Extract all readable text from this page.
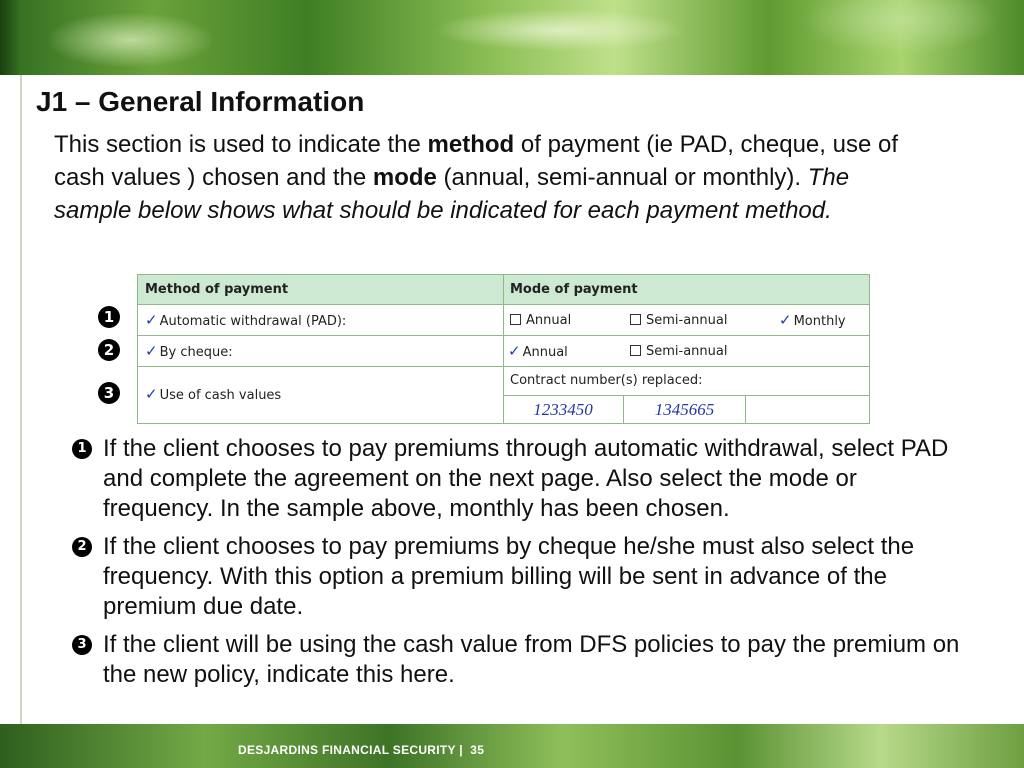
J1 – General Information
This section is used to indicate the method of payment (ie PAD, cheque, use of cash values ) chosen and the mode (annual, semi-annual or monthly). The sample below shows what should be indicated for each payment method.
1
2
3
Method of payment	Mode of payment
✓ Automatic withdrawal (PAD):	Annual	Semi-annual	✓ Monthly
✓ By cheque:	✓ Annual	Semi-annual
✓ Use of cash values
Contract number(s) replaced:
1233450	1345665
1 If the client chooses to pay premiums through automatic withdrawal, select PAD and complete the agreement on the next page. Also select the mode or frequency. In the sample above, monthly has been chosen.
2 If the client chooses to pay premiums by cheque he/she must also select the frequency. With this option a premium billing will be sent in advance of the premium due date.
3 If the client will be using the cash value from DFS policies to pay the premium on the new policy, indicate this here.
DESJARDINS FINANCIAL SECURITY | 35
